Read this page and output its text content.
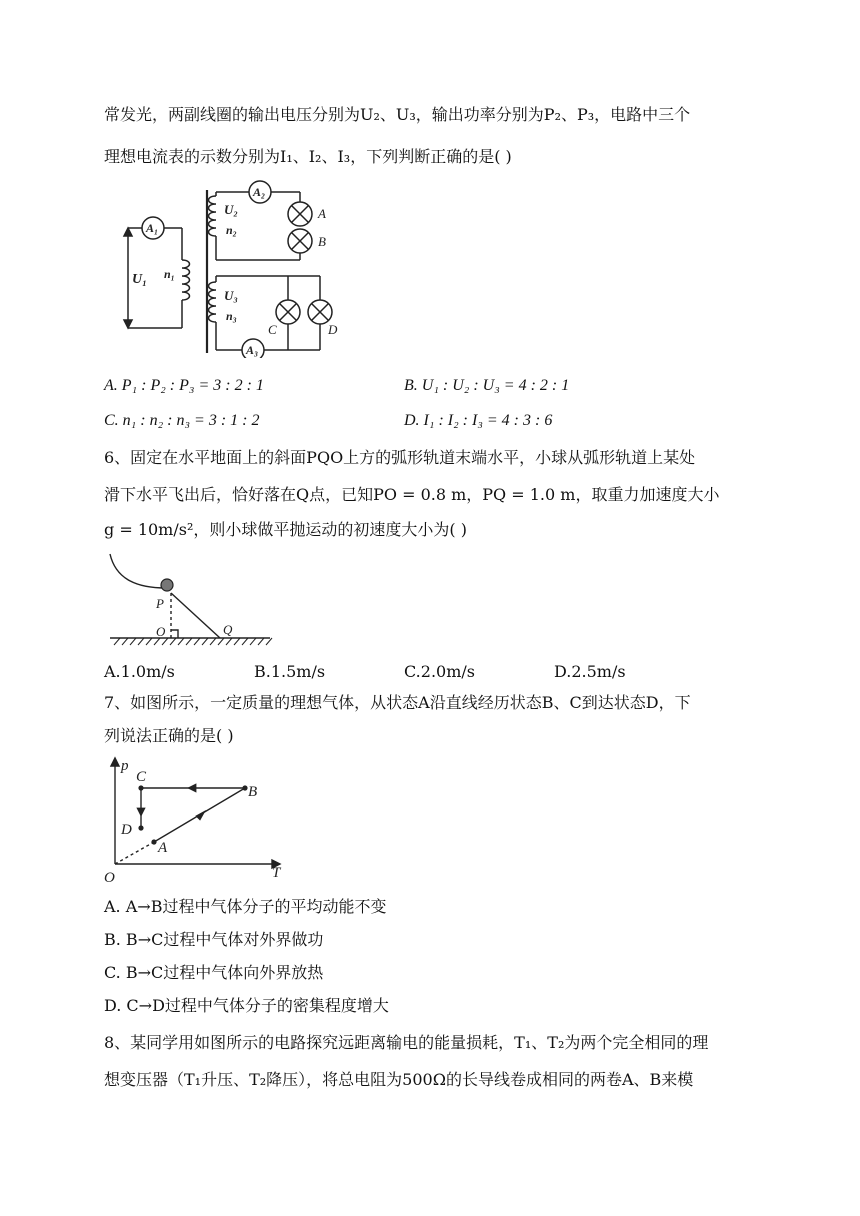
常发光，两副线圈的输出电压分别为U₂、U₃，输出功率分别为P₂、P₃，电路中三个
理想电流表的示数分别为I₁、I₂、I₃，下列判断正确的是( )
A₁
A₂
A₃
U₁ n₁
U₂
n₂
U₃
n₃
A
B
C	D
A. P₁ : P₂ : P₃ = 3 : 2 : 1	B. U₁ : U₂ : U₃ = 4 : 2 : 1
C. n₁ : n₂ : n₃ = 3 : 1 : 2	D. I₁ : I₂ : I₃ = 4 : 3 : 6
6、固定在水平地面上的斜面PQO上方的弧形轨道末端水平，小球从弧形轨道上某处
滑下水平飞出后，恰好落在Q点，已知PO = 0.8 m，PQ = 1.0 m，取重力加速度大小
g = 10m/s²，则小球做平抛运动的初速度大小为( )
P
O	Q
A.1.0m/s	B.1.5m/s	C.2.0m/s	D.2.5m/s
7、如图所示，一定质量的理想气体，从状态A沿直线经历状态B、C到达状态D，下
列说法正确的是( )
p
T
O
A
B
C
D
A. A→B过程中气体分子的平均动能不变
B. B→C过程中气体对外界做功
C. B→C过程中气体向外界放热
D. C→D过程中气体分子的密集程度增大
8、某同学用如图所示的电路探究远距离输电的能量损耗，T₁、T₂为两个完全相同的理
想变压器（T₁升压、T₂降压），将总电阻为500Ω的长导线卷成相同的两卷A、B来模
